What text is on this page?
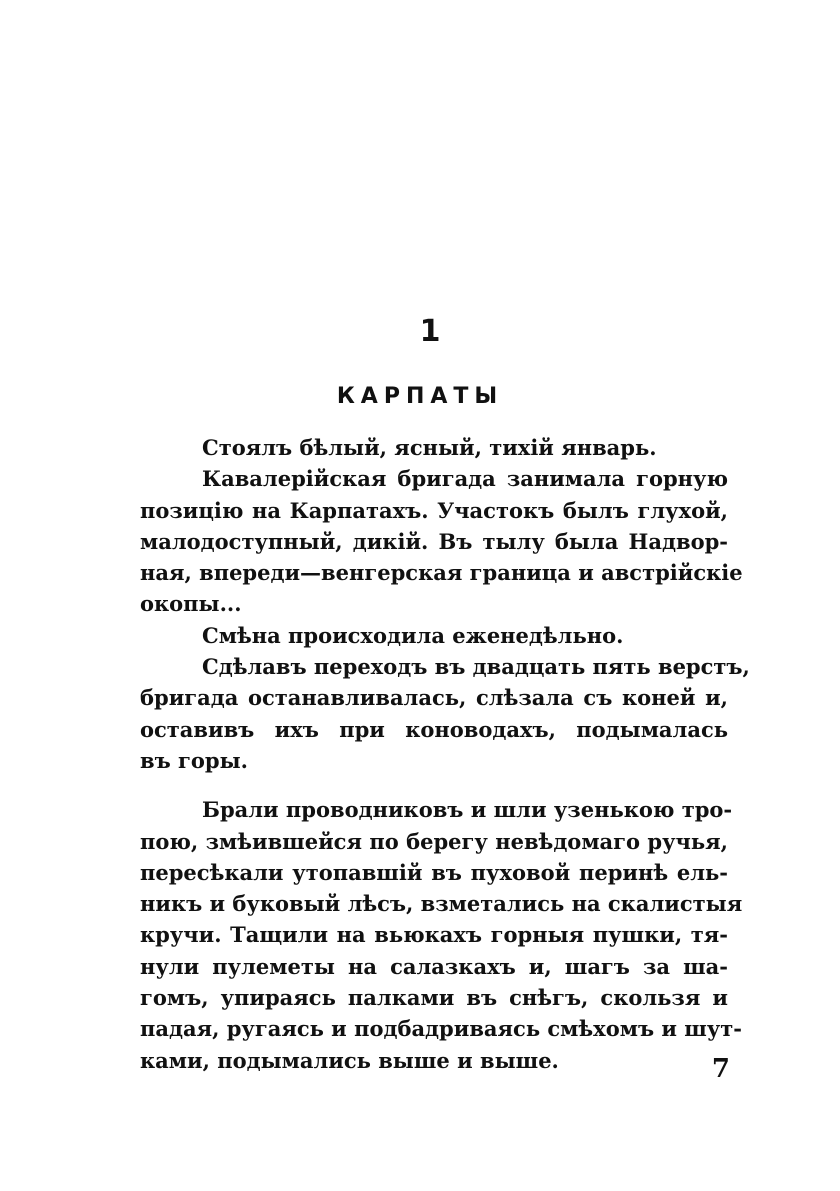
1
КАРПАТЫ
Стоялъ бѣлый, ясный, тихій январь.
Кавалерійская бригада занимала горную
позицію на Карпатахъ. Участокъ былъ глухой,
малодоступный, дикій. Въ тылу была Надвор-
ная, впереди—венгерская граница и австрійскіе
окопы...
Смѣна происходила еженедѣльно.
Сдѣлавъ переходъ въ двадцать пять верстъ,
бригада останавливалась, слѣзала съ коней и,
оставивъ ихъ при коноводахъ, подымалась
въ горы.
Брали проводниковъ и шли узенькою тро-
пою, змѣившейся по берегу невѣдомаго ручья,
пересѣкали утопавшій въ пуховой перинѣ ель-
никъ и буковый лѣсъ, взметались на скалистыя
кручи. Тащили на вьюкахъ горныя пушки, тя-
нули пулеметы на салазкахъ и, шагъ за ша-
гомъ, упираясь палками въ снѣгъ, скользя и
падая, ругаясь и подбадриваясь смѣхомъ и шут-
ками, подымались выше и выше.	7
